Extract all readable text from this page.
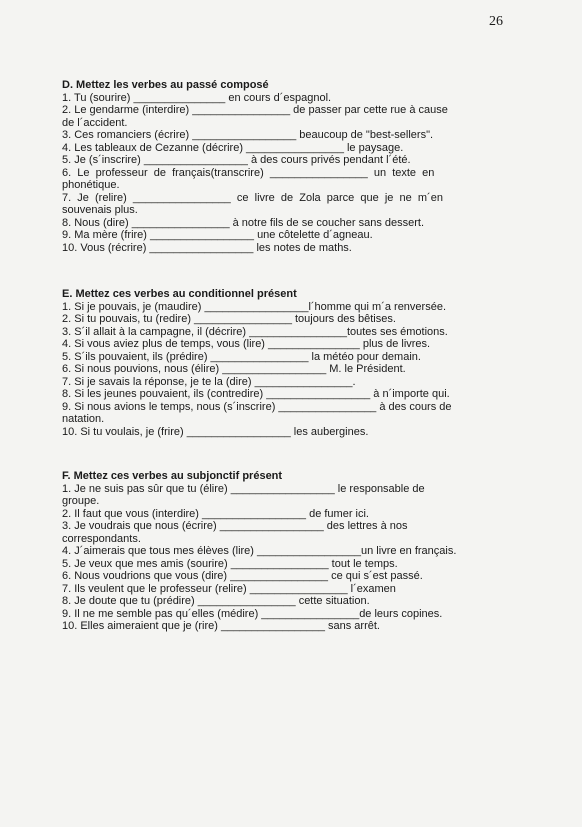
26
D. Mettez les verbes au passé composé
1. Tu (sourire) _______________ en cours d´espagnol.
2. Le gendarme (interdire) ________________ de passer par cette rue à cause
de l´accident.
3. Ces romanciers (écrire) _________________ beaucoup de "best-sellers".
4. Les tableaux de Cezanne (décrire) ________________ le paysage.
5. Je (s´inscrire) _________________ à des cours privés pendant l´été.
6.  Le  professeur  de  français(transcrire)  ________________  un  texte  en
phonétique.
7.  Je  (relire)  ________________  ce  livre  de  Zola  parce  que  je  ne  m´en
souvenais plus.
8. Nous (dire) ________________ à notre fils de se coucher sans dessert.
9. Ma mère (frire) _________________ une côtelette d´agneau.
10. Vous (récrire) _________________ les notes de maths.
E. Mettez ces verbes au conditionnel présent
1. Si je pouvais, je (maudire) _________________l´homme qui m´a renversée.
2. Si tu pouvais, tu (redire) ________________ toujours des bêtises.
3. S´il allait à la campagne, il (décrire) ________________toutes ses émotions.
4. Si vous aviez plus de temps, vous (lire) _______________ plus de livres.
5. S´ils pouvaient, ils (prédire) ________________ la météo pour demain.
6. Si nous pouvions, nous (élire) _________________ M. le Président.
7. Si je savais la réponse, je te la (dire) ________________.
8. Si les jeunes pouvaient, ils (contredire) _________________ à n´importe qui.
9. Si nous avions le temps, nous (s´inscrire) ________________ à des cours de
natation.
10. Si tu voulais, je (frire) _________________ les aubergines.
F. Mettez ces verbes au subjonctif présent
1. Je ne suis pas sûr que tu (élire) _________________ le responsable de
groupe.
2. Il faut que vous (interdire) _________________ de fumer ici.
3. Je voudrais que nous (écrire) _________________ des lettres à nos
correspondants.
4. J´aimerais que tous mes élèves (lire) _________________un livre en français.
5. Je veux que mes amis (sourire) ________________ tout le temps.
6. Nous voudrions que vous (dire) ________________ ce qui s´est passé.
7. Ils veulent que le professeur (relire) ________________ l´examen
8. Je doute que tu (prédire) ________________ cette situation.
9. Il ne me semble pas qu´elles (médire) ________________de leurs copines.
10. Elles aimeraient que je (rire) _________________ sans arrêt.
